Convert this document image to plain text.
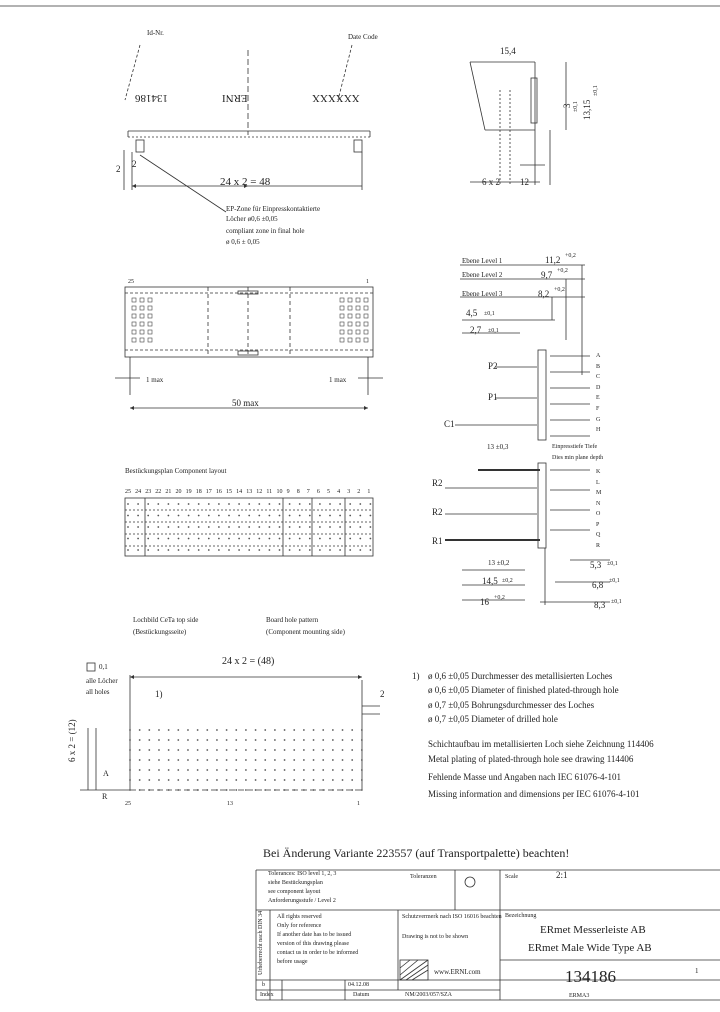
Id-Nr.	Date Code
134186	ERNI	XXXXXX
2
2
24 x 2 = 48
EP-Zone für Einpresskontaktierte
Löcher ø0,6 ±0,05
compliant zone in final hole
ø 0,6 ± 0,05
15,4
3 ±0,1 13,15
±0,1
6 x 2 12
25	1
1 max	1 max
50 max
Ebene Level 1	11,2 +0,2
Ebene Level 2	9,7 +0,2
Ebene Level 3	8,2 +0,2
4,5 ±0,1
2,7 ±0,1
P2
P1
C1
13 ±0,3	Einpresstiefe Tiefe
Dies min plane depth
R2
R2
R1
A
B
C
D
E
F
G
H
K
L
M
N
O
P
Q
R
13 ±0,2
14,5 ±0,2
16 +0,2
5,3 ±0,1
6,8 ±0,1
8,3 ±0,1
Bestückungsplan Component layout
25 24 23 22 21 20 19 18 17 16 15 14 13 12 11 10 9 8 7 6 5 4 3 2 1
Lochbild CeTa top side
(Bestückungsseite)
Board hole pattern
(Component mounting side)
0,1
alle Löcher
all holes
24 x 2 = (48)
1)	2
6 x 2 = (12)
A
R
25	13	1
1) ø 0,6 ±0,05 Durchmesser des metallisierten Loches
ø 0,6 ±0,05 Diameter of finished plated-through hole
ø 0,7 ±0,05 Bohrungsdurchmesser des Loches
ø 0,7 ±0,05 Diameter of drilled hole
Schichtaufbau im metallisierten Loch siehe Zeichnung 114406
Metal plating of plated-through hole see drawing 114406
Fehlende Masse und Angaben nach IEC 61076-4-101
Missing information and dimensions per IEC 61076-4-101
Bei Änderung Variante 223557 (auf Transportpalette) beachten!
Tolerances: ISO level 1, 2, 3
siehe Bestückungsplan
see component layout
Anforderungsstufe / Level 2
Toleranzen	Scale	2:1
All rights reserved
Only for reference
If another date has to be issued
version of this drawing please
contact us in order to be informed
before usage
Urheberrecht nach DIN 34	Schutzvermerk nach ISO 16016 beachten
Drawing is not to be shown
Bezeichnung
ERmet Messerleiste AB
ERmet Male Wide Type AB
134186	1
ERMA3
www.ERNI.com
Index	Datum
b	04.12.08
NM/2003/057/SZA
